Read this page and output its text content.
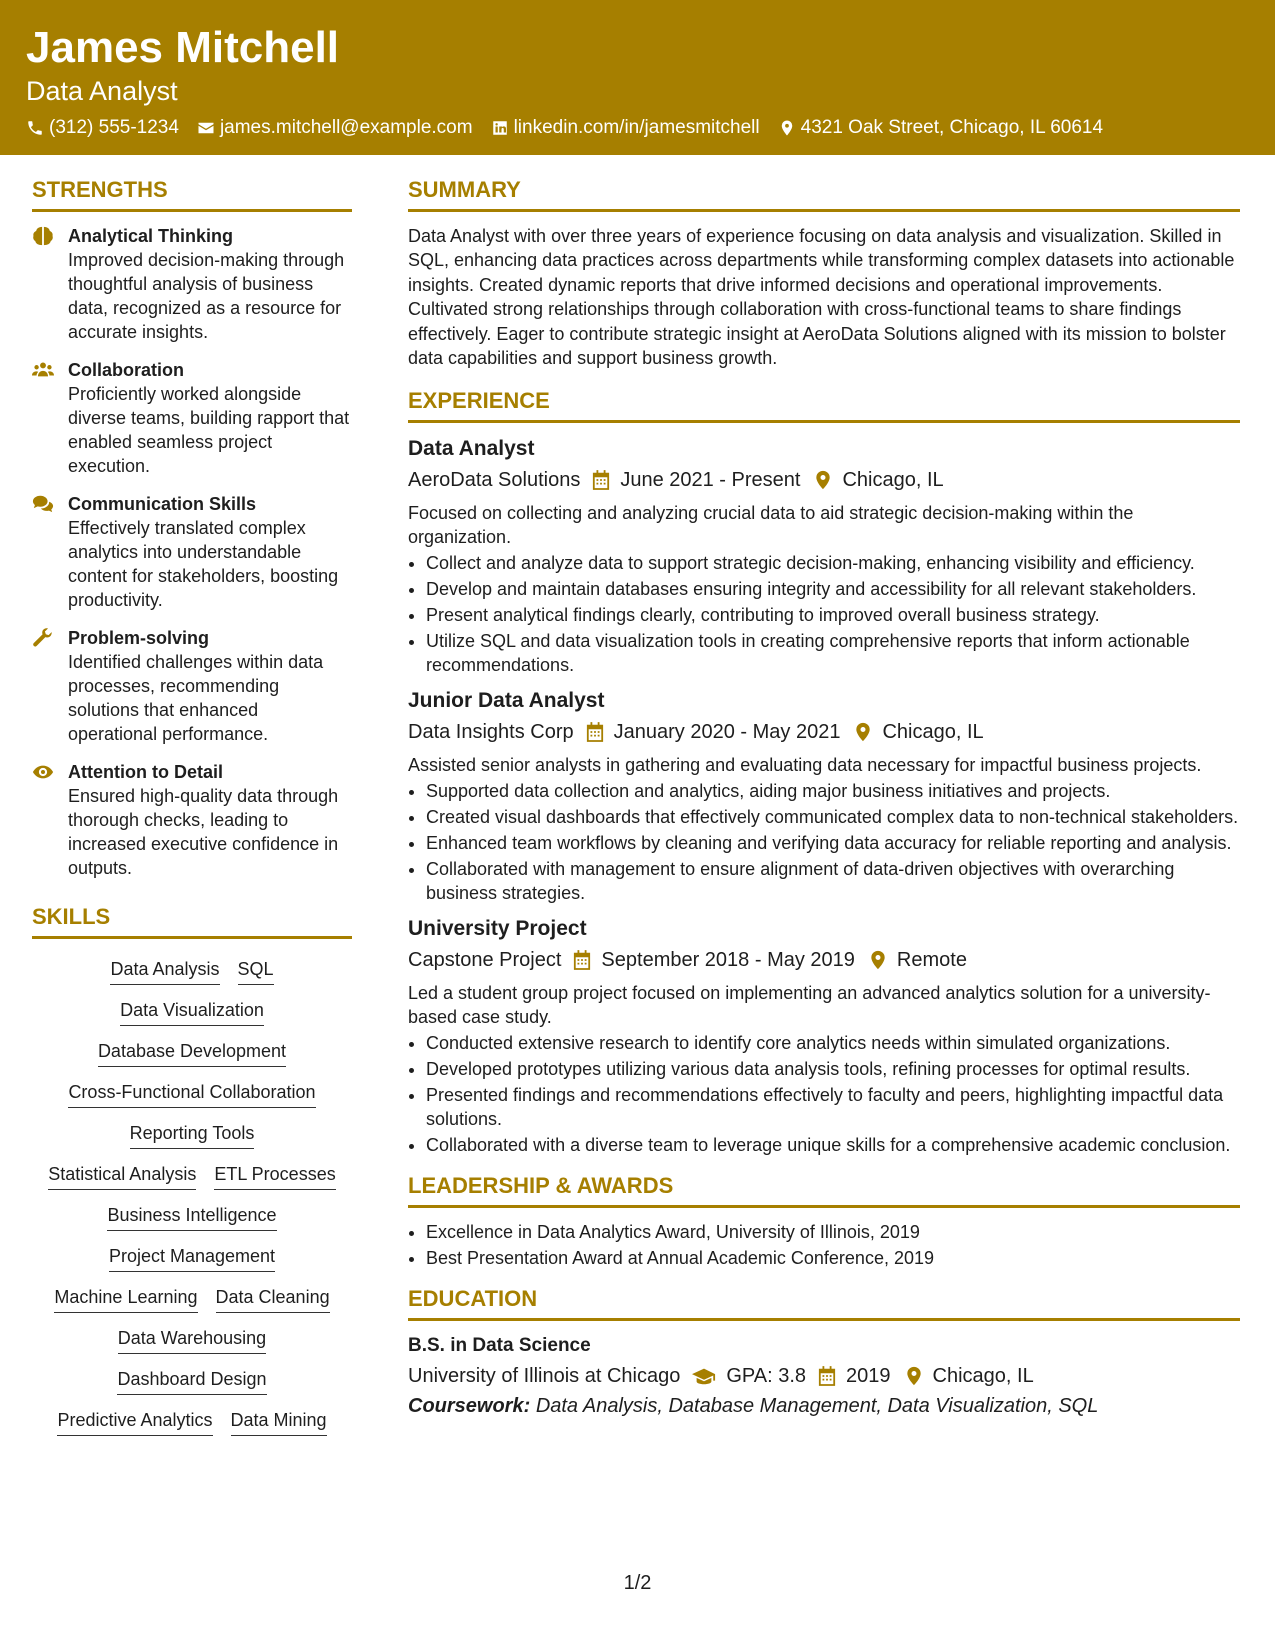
James Mitchell
Data Analyst
(312) 555-1234 james.mitchell@example.com linkedin.com/in/jamesmitchell 4321 Oak Street, Chicago, IL 60614
STRENGTHS
Analytical Thinking
Improved decision-making through thoughtful analysis of business data, recognized as a resource for accurate insights.
Collaboration
Proficiently worked alongside diverse teams, building rapport that enabled seamless project execution.
Communication Skills
Effectively translated complex analytics into understandable content for stakeholders, boosting productivity.
Problem-solving
Identified challenges within data processes, recommending solutions that enhanced operational performance.
Attention to Detail
Ensured high-quality data through thorough checks, leading to increased executive confidence in outputs.
SKILLS
Data Analysis SQL
Data Visualization
Database Development
Cross-Functional Collaboration
Reporting Tools
Statistical Analysis ETL Processes
Business Intelligence
Project Management
Machine Learning Data Cleaning
Data Warehousing
Dashboard Design
Predictive Analytics Data Mining
SUMMARY
Data Analyst with over three years of experience focusing on data analysis and visualization. Skilled in SQL, enhancing data practices across departments while transforming complex datasets into actionable insights. Created dynamic reports that drive informed decisions and operational improvements. Cultivated strong relationships through collaboration with cross-functional teams to share findings effectively. Eager to contribute strategic insight at AeroData Solutions aligned with its mission to bolster data capabilities and support business growth.
EXPERIENCE
Data Analyst
AeroData Solutions June 2021 - Present Chicago, IL
Focused on collecting and analyzing crucial data to aid strategic decision-making within the organization.
• Collect and analyze data to support strategic decision-making, enhancing visibility and efficiency.
• Develop and maintain databases ensuring integrity and accessibility for all relevant stakeholders.
• Present analytical findings clearly, contributing to improved overall business strategy.
• Utilize SQL and data visualization tools in creating comprehensive reports that inform actionable recommendations.
Junior Data Analyst
Data Insights Corp January 2020 - May 2021 Chicago, IL
Assisted senior analysts in gathering and evaluating data necessary for impactful business projects.
• Supported data collection and analytics, aiding major business initiatives and projects.
• Created visual dashboards that effectively communicated complex data to non-technical stakeholders.
• Enhanced team workflows by cleaning and verifying data accuracy for reliable reporting and analysis.
• Collaborated with management to ensure alignment of data-driven objectives with overarching business strategies.
University Project
Capstone Project September 2018 - May 2019 Remote
Led a student group project focused on implementing an advanced analytics solution for a university-based case study.
• Conducted extensive research to identify core analytics needs within simulated organizations.
• Developed prototypes utilizing various data analysis tools, refining processes for optimal results.
• Presented findings and recommendations effectively to faculty and peers, highlighting impactful data solutions.
• Collaborated with a diverse team to leverage unique skills for a comprehensive academic conclusion.
LEADERSHIP & AWARDS
• Excellence in Data Analytics Award, University of Illinois, 2019
• Best Presentation Award at Annual Academic Conference, 2019
EDUCATION
B.S. in Data Science
University of Illinois at Chicago GPA: 3.8 2019 Chicago, IL
Coursework: Data Analysis, Database Management, Data Visualization, SQL
1/2
